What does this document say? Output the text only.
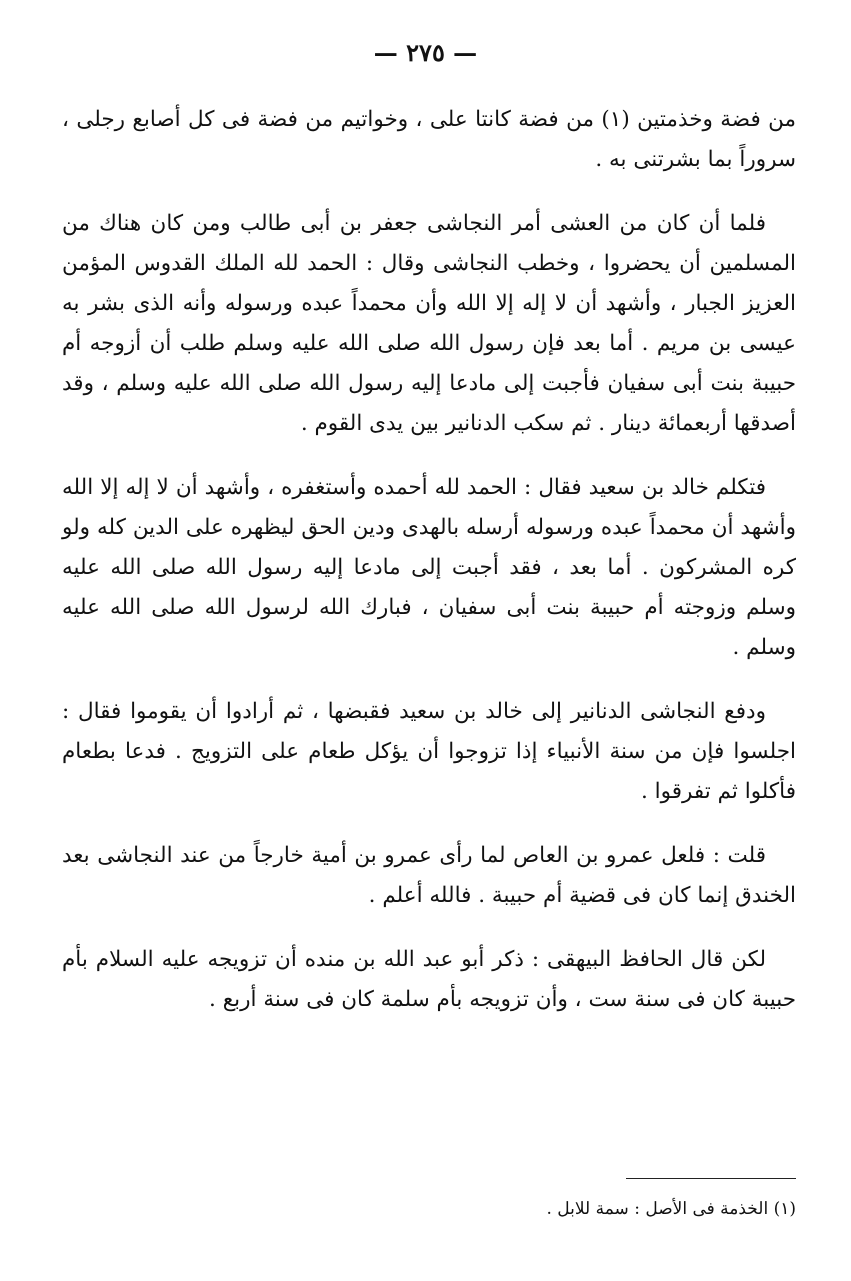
— ٢٧٥ —

من فضة وخذمتين (١) من فضة كانتا على ، وخواتيم من فضة فى كل أصابع رجلى ، سروراً بما بشرتنى به .

فلما أن كان من العشى أمر النجاشى جعفر بن أبى طالب ومن كان هناك من المسلمين أن يحضروا ، وخطب النجاشى وقال : الحمد لله الملك القدوس المؤمن العزيز الجبار ، وأشهد أن لا إله إلا الله وأن محمداً عبده ورسوله وأنه الذى بشر به عيسى بن مريم . أما بعد فإن رسول الله صلى الله عليه وسلم طلب أن أزوجه أم حبيبة بنت أبى سفيان فأجبت إلى مادعا إليه رسول الله صلى الله عليه وسلم ، وقد أصدقها أربعمائة دينار . ثم سكب الدنانير بين يدى القوم .

فتكلم خالد بن سعيد فقال : الحمد لله أحمده وأستغفره ، وأشهد أن لا إله إلا الله وأشهد أن محمداً عبده ورسوله أرسله بالهدى ودين الحق ليظهره على الدين كله ولو كره المشركون . أما بعد ، فقد أجبت إلى مادعا إليه رسول الله صلى الله عليه وسلم وزوجته أم حبيبة بنت أبى سفيان ، فبارك الله لرسول الله صلى الله عليه وسلم .

ودفع النجاشى الدنانير إلى خالد بن سعيد فقبضها ، ثم أرادوا أن يقوموا فقال : اجلسوا فإن من سنة الأنبياء إذا تزوجوا أن يؤكل طعام على التزويج . فدعا بطعام فأكلوا ثم تفرقوا .

قلت : فلعل عمرو بن العاص لما رأى عمرو بن أمية خارجاً من عند النجاشى بعد الخندق إنما كان فى قضية أم حبيبة . فالله أعلم .

لكن قال الحافظ البيهقى : ذكر أبو عبد الله بن منده أن تزويجه عليه السلام بأم حبيبة كان فى سنة ست ، وأن تزويجه بأم سلمة كان فى سنة أربع .

(١) الخذمة فى الأصل : سمة للابل .
